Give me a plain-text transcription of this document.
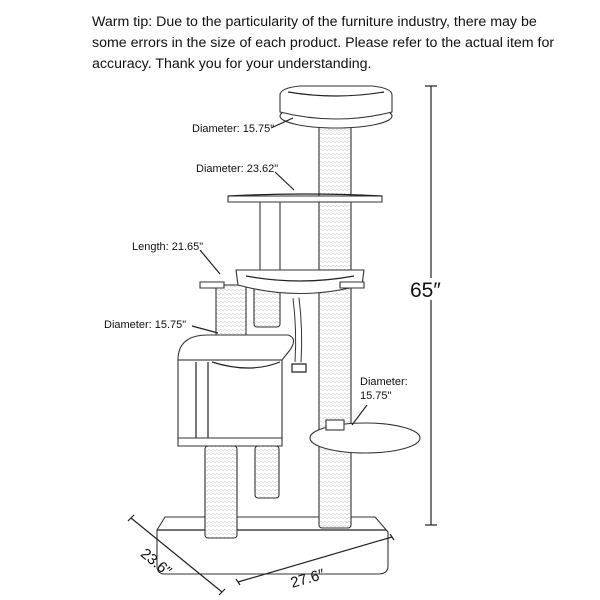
Warm tip: Due to the particularity of the furniture industry, there may be some errors in the size of each product. Please refer to the actual item for accuracy. Thank you for your understanding.

Diameter: 15.75"
Diameter: 23.62"
Length: 21.65"
Diameter: 15.75"
Diameter:
15.75"
65″
23.6″	27.6″
